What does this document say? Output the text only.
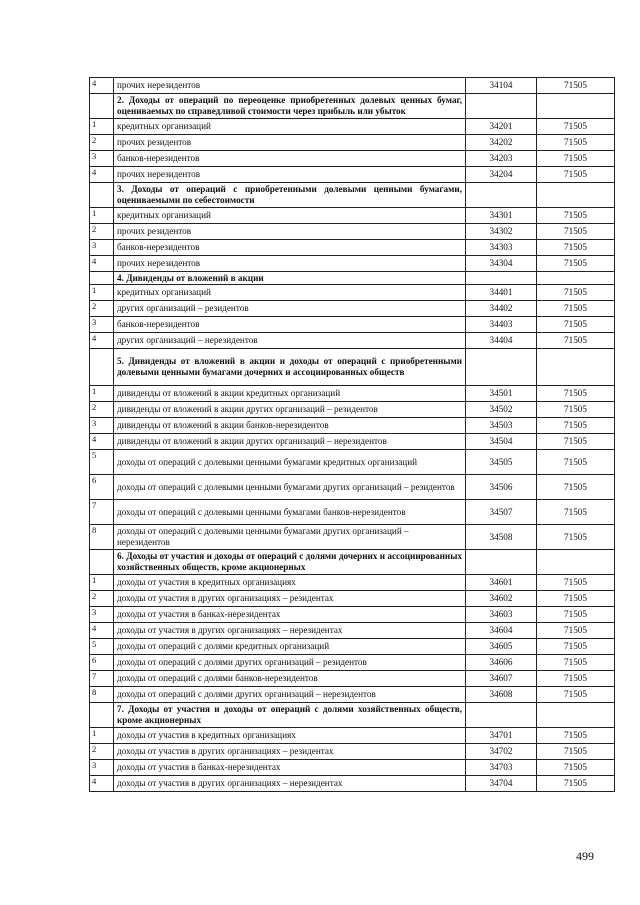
4	прочих нерезидентов	34104	71505
	2. Доходы от операций по переоценке приобретенных долевых ценных бумаг, оцениваемых по справедливой стоимости через прибыль или убыток		
1	кредитных организаций	34201	71505
2	прочих резидентов	34202	71505
3	банков-нерезидентов	34203	71505
4	прочих нерезидентов	34204	71505
	3. Доходы от операций с приобретенными долевыми ценными бумагами, оцениваемыми по себестоимости		
1	кредитных организаций	34301	71505
2	прочих резидентов	34302	71505
3	банков-нерезидентов	34303	71505
4	прочих нерезидентов	34304	71505
	4. Дивиденды от вложений в акции		
1	кредитных организаций	34401	71505
2	других организаций – резидентов	34402	71505
3	банков-нерезидентов	34403	71505
4	других организаций – нерезидентов	34404	71505
	5. Дивиденды от вложений в акции и доходы от операций с приобретенными долевыми ценными бумагами дочерних и ассоциированных обществ		
1	дивиденды от вложений в акции кредитных организаций	34501	71505
2	дивиденды от вложений в акции других организаций – резидентов	34502	71505
3	дивиденды от вложений в акции банков-нерезидентов	34503	71505
4	дивиденды от вложений в акции других организаций – нерезидентов	34504	71505
5	доходы от операций с долевыми ценными бумагами кредитных организаций	34505	71505
6	доходы от операций с долевыми ценными бумагами других организаций – резидентов	34506	71505
7	доходы от операций с долевыми ценными бумагами банков-нерезидентов	34507	71505
8	доходы от операций с долевыми ценными бумагами других организаций – нерезидентов	34508	71505
	6. Доходы от участия и доходы от операций с долями дочерних и ассоциированных хозяйственных обществ, кроме акционерных		
1	доходы от участия в кредитных организациях	34601	71505
2	доходы от участия в других организациях – резидентах	34602	71505
3	доходы от участия в банках-нерезидентах	34603	71505
4	доходы от участия в других организациях – нерезидентах	34604	71505
5	доходы от операций с долями кредитных организаций	34605	71505
6	доходы от операций с долями других организаций – резидентов	34606	71505
7	доходы от операций с долями банков-нерезидентов	34607	71505
8	доходы от операций с долями других организаций – нерезидентов	34608	71505
	7. Доходы от участия и доходы от операций с долями хозяйственных обществ, кроме акционерных		
1	доходы от участия в кредитных организациях	34701	71505
2	доходы от участия в других организациях – резидентах	34702	71505
3	доходы от участия в банках-нерезидентах	34703	71505
4	доходы от участия в других организациях – нерезидентах	34704	71505
499
